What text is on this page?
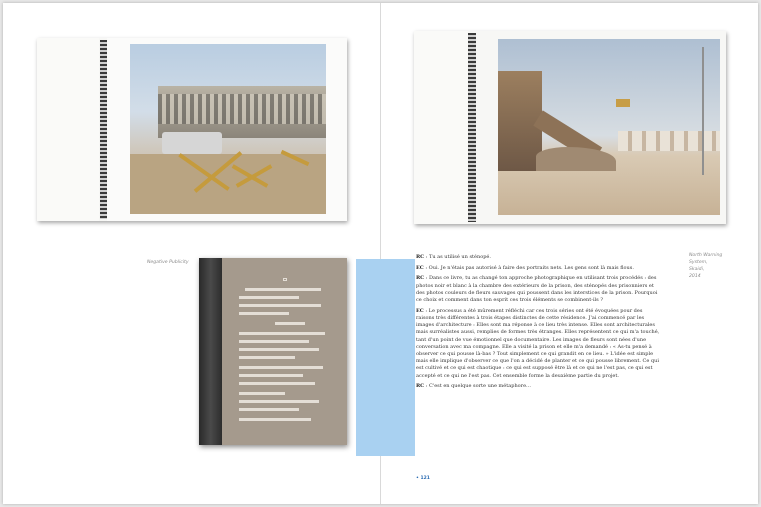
Negative Publicity
North Warning
System,
Skaidi,
2014

RC : Tu as utilisé un sténopé.

EC : Oui. Je n'étais pas autorisé à faire des portraits nets. Les gens sont là mais flous.

RC : Dans ce livre, tu as changé ton approche photographique en utilisant trois procédés : des photos noir et blanc à la chambre des extérieurs de la prison, des sténopés des prisonniers et des photos couleurs de fleurs sauvages qui poussent dans les interstices de la prison. Pourquoi ce choix et comment dans ton esprit ces trois éléments se combinent-ils ?

EC : Le processus a été mûrement réfléchi car ces trois séries ont été évoquées pour des raisons très différentes à trois étapes distinctes de cette résidence. J'ai commencé par les images d'architecture : Elles sont ma réponse à ce lieu très intense. Elles sont architecturales mais surréalistes aussi, remplies de formes très étranges. Elles représentent ce qui m'a touché, tant d'un point de vue émotionnel que documentaire. Les images de fleurs sont nées d'une conversation avec ma compagne. Elle a visité la prison et elle m'a demandé : « As-tu pensé à observer ce qui pousse là-bas ? Tout simplement ce qui grandit en ce lieu. » L'idée est simple mais elle implique d'observer ce que l'on a décidé de planter et ce qui pousse librement. Ce qui est cultivé et ce qui est chaotique : ce qui est supposé être là et ce qui ne l'est pas, ce qui est accepté et ce qui ne l'est pas. Cet ensemble forme la deuxième partie du projet.

RC : C'est en quelque sorte une métaphore…

• 121
